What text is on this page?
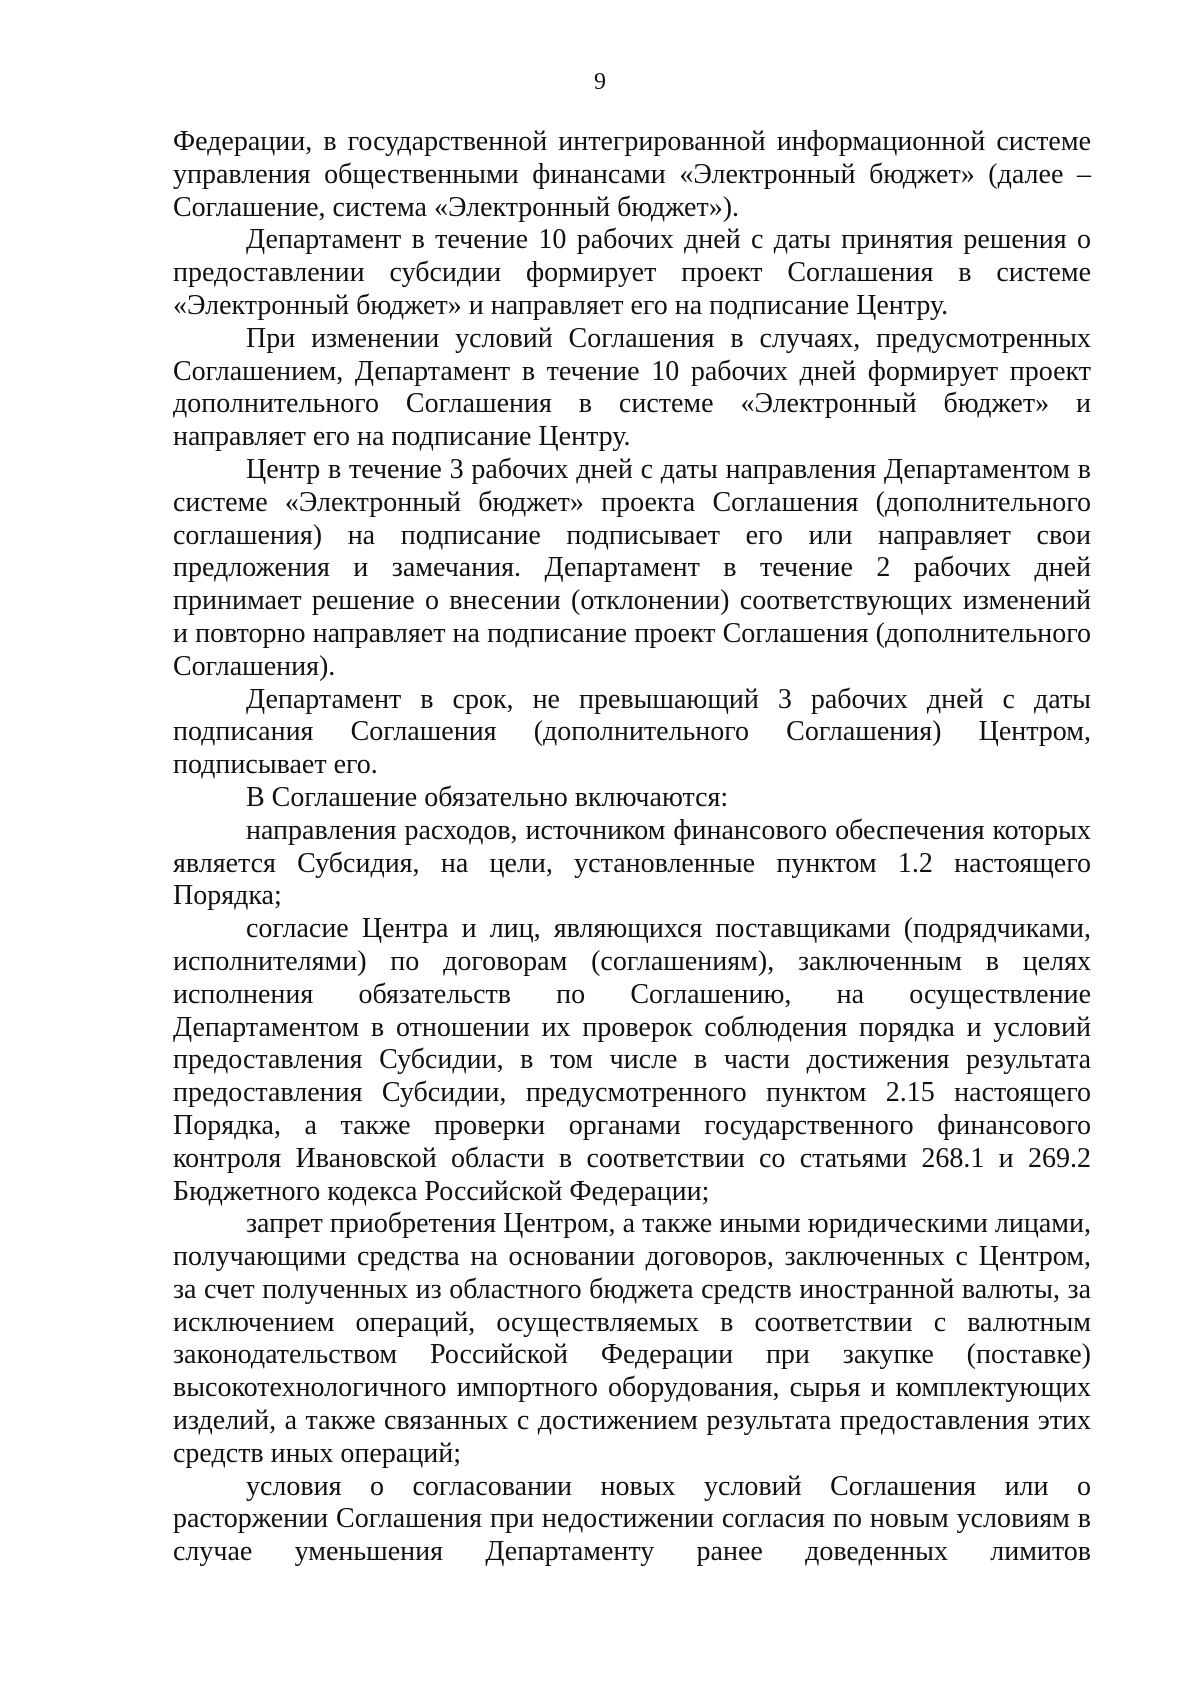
9

Федерации, в государственной интегрированной информационной системе управления общественными финансами «Электронный бюджет» (далее – Соглашение, система «Электронный бюджет»).

Департамент в течение 10 рабочих дней с даты принятия решения о предоставлении субсидии формирует проект Соглашения в системе «Электронный бюджет» и направляет его на подписание Центру.

При изменении условий Соглашения в случаях, предусмотренных Соглашением, Департамент в течение 10 рабочих дней формирует проект дополнительного Соглашения в системе «Электронный бюджет» и направляет его на подписание Центру.

Центр в течение 3 рабочих дней с даты направления Департаментом в системе «Электронный бюджет» проекта Соглашения (дополнительного соглашения) на подписание подписывает его или направляет свои предложения и замечания. Департамент в течение 2 рабочих дней принимает решение о внесении (отклонении) соответствующих изменений и повторно направляет на подписание проект Соглашения (дополнительного Соглашения).

Департамент в срок, не превышающий 3 рабочих дней с даты подписания Соглашения (дополнительного Соглашения) Центром, подписывает его.

В Соглашение обязательно включаются:

направления расходов, источником финансового обеспечения которых является Субсидия, на цели, установленные пунктом 1.2 настоящего Порядка;

согласие Центра и лиц, являющихся поставщиками (подрядчиками, исполнителями) по договорам (соглашениям), заключенным в целях исполнения обязательств по Соглашению, на осуществление Департаментом в отношении их проверок соблюдения порядка и условий предоставления Субсидии, в том числе в части достижения результата предоставления Субсидии, предусмотренного пунктом 2.15 настоящего Порядка, а также проверки органами государственного финансового контроля Ивановской области в соответствии со статьями 268.1 и 269.2 Бюджетного кодекса Российской Федерации;

запрет приобретения Центром, а также иными юридическими лицами, получающими средства на основании договоров, заключенных с Центром, за счет полученных из областного бюджета средств иностранной валюты, за исключением операций, осуществляемых в соответствии с валютным законодательством Российской Федерации при закупке (поставке) высокотехнологичного импортного оборудования, сырья и комплектующих изделий, а также связанных с достижением результата предоставления этих средств иных операций;

условия о согласовании новых условий Соглашения или о расторжении Соглашения при недостижении согласия по новым условиям в случае уменьшения Департаменту ранее доведенных лимитов
